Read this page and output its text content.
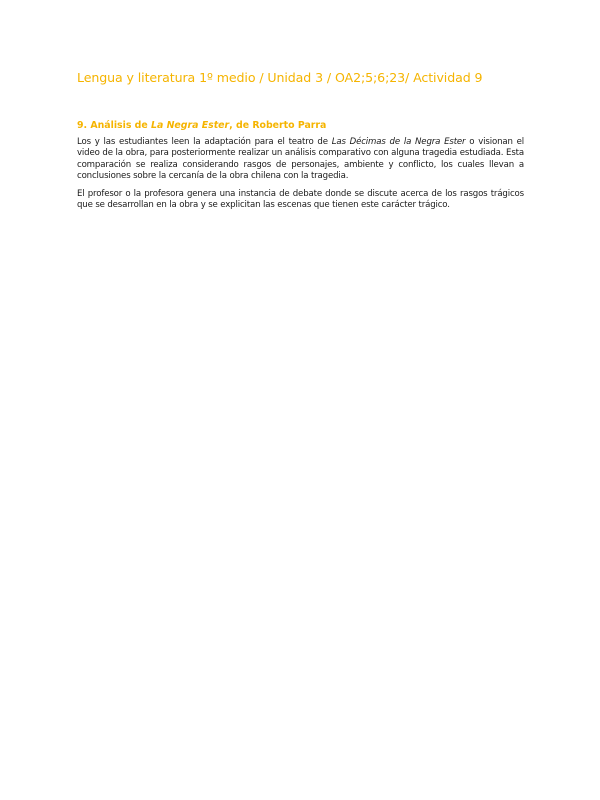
Lengua y literatura 1º medio / Unidad 3 / OA2;5;6;23/ Actividad 9

9. Análisis de La Negra Ester, de Roberto Parra

Los y las estudiantes leen la adaptación para el teatro de Las Décimas de la Negra Ester o visionan el video de la obra, para posteriormente realizar un análisis comparativo con alguna tragedia estudiada. Esta comparación se realiza considerando rasgos de personajes, ambiente y conflicto, los cuales llevan a conclusiones sobre la cercanía de la obra chilena con la tragedia.

El profesor o la profesora genera una instancia de debate donde se discute acerca de los rasgos trágicos que se desarrollan en la obra y se explicitan las escenas que tienen este carácter trágico.
